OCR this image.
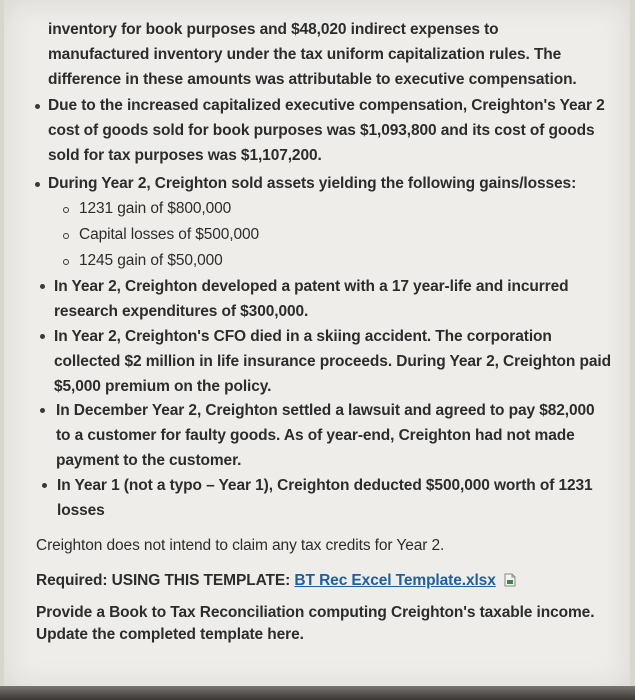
inventory for book purposes and $48,020 indirect expenses to
manufactured inventory under the tax uniform capitalization rules. The
difference in these amounts was attributable to executive compensation.
Due to the increased capitalized executive compensation, Creighton's Year 2
cost of goods sold for book purposes was $1,093,800 and its cost of goods
sold for tax purposes was $1,107,200.
During Year 2, Creighton sold assets yielding the following gains/losses:
1231 gain of $800,000
Capital losses of $500,000
1245 gain of $50,000
In Year 2, Creighton developed a patent with a 17 year-life and incurred
research expenditures of $300,000.
In Year 2, Creighton's CFO died in a skiing accident. The corporation
collected $2 million in life insurance proceeds. During Year 2, Creighton paid
$5,000 premium on the policy.
In December Year 2, Creighton settled a lawsuit and agreed to pay $82,000
to a customer for faulty goods. As of year-end, Creighton had not made
payment to the customer.
In Year 1 (not a typo – Year 1), Creighton deducted $500,000 worth of 1231
losses
Creighton does not intend to claim any tax credits for Year 2.
Required: USING THIS TEMPLATE: BT Rec Excel Template.xlsx
Provide a Book to Tax Reconciliation computing Creighton's taxable income.
Update the completed template here.
